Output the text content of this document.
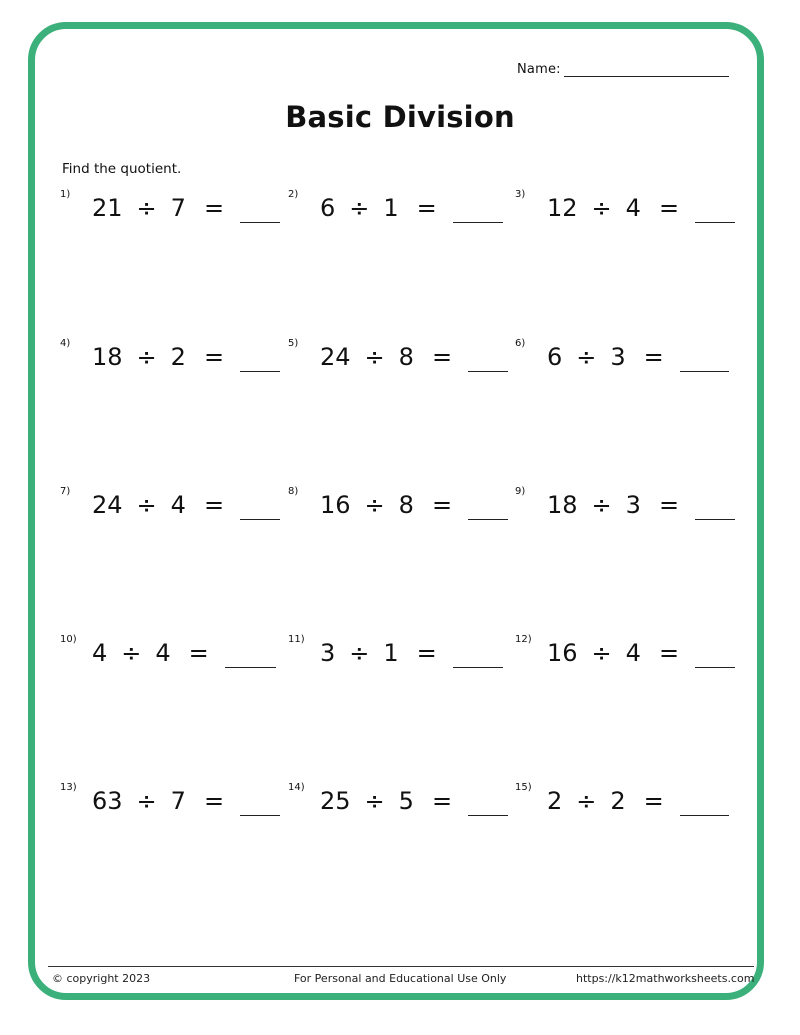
Name:
Basic Division
Find the quotient.
1) 21 ÷ 7 =	2) 6 ÷ 1 =	3) 12 ÷ 4 =
4) 18 ÷ 2 =	5) 24 ÷ 8 =	6) 6 ÷ 3 =
7) 24 ÷ 4 =	8) 16 ÷ 8 =	9) 18 ÷ 3 =
10) 4 ÷ 4 =	11) 3 ÷ 1 =	12) 16 ÷ 4 =
13) 63 ÷ 7 =	14) 25 ÷ 5 =	15) 2 ÷ 2 =
© copyright 2023	For Personal and Educational Use Only	https://k12mathworksheets.com
